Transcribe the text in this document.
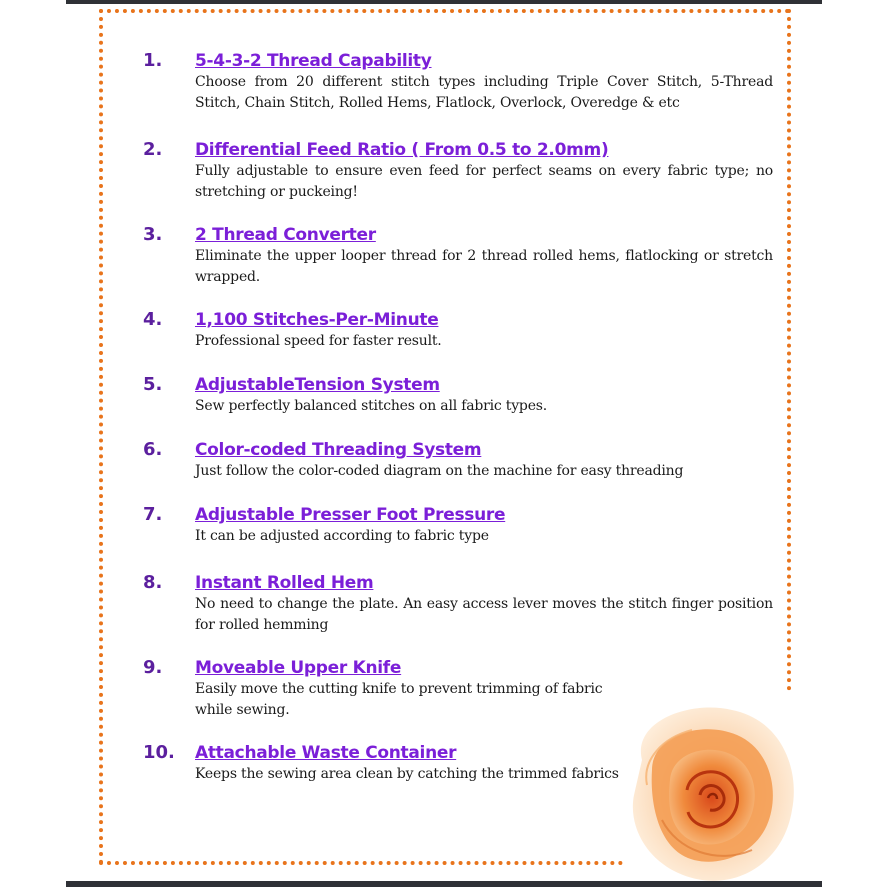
1. 5-4-3-2 Thread Capability
Choose from 20 different stitch types including Triple Cover Stitch, 5-Thread Stitch, Chain Stitch, Rolled Hems, Flatlock, Overlock, Overedge & etc
2. Differential Feed Ratio ( From 0.5 to 2.0mm)
Fully adjustable to ensure even feed for perfect seams on every fabric type; no stretching or puckeing!
3. 2 Thread Converter
Eliminate the upper looper thread for 2 thread rolled hems, flatlocking or stretch wrapped.
4. 1,100 Stitches-Per-Minute
Professional speed for faster result.
5. AdjustableTension System
Sew perfectly balanced stitches on all fabric types.
6. Color-coded Threading System
Just follow the color-coded diagram on the machine for easy threading
7. Adjustable Presser Foot Pressure
It can be adjusted according to fabric type
8. Instant Rolled Hem
No need to change the plate. An easy access lever moves the stitch finger position for rolled hemming
9. Moveable Upper Knife
Easily move the cutting knife to prevent trimming of fabric while sewing.
10. Attachable Waste Container
Keeps the sewing area clean by catching the trimmed fabrics
